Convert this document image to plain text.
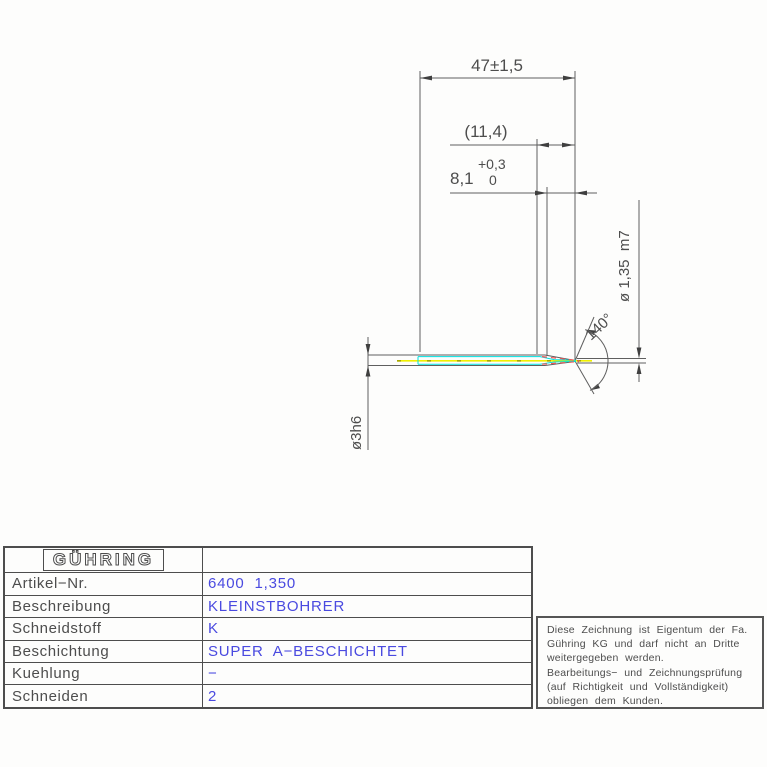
47±1,5
(11,4)
8,1
+0,3
0
ø3h6
ø 1,35  m7
140°
GÜHRING
Artikel−Nr.	6400  1,350
Beschreibung	KLEINSTBOHRER
Schneidstoff	K
Beschichtung	SUPER  A−BESCHICHTET
Kuehlung	−
Schneiden	2
Diese Zeichnung ist Eigentum der Fa.
Gühring KG und darf nicht an Dritte
weitergegeben werden.
Bearbeitungs− und Zeichnungsprüfung
(auf Richtigkeit und Vollständigkeit)
obliegen dem Kunden.
